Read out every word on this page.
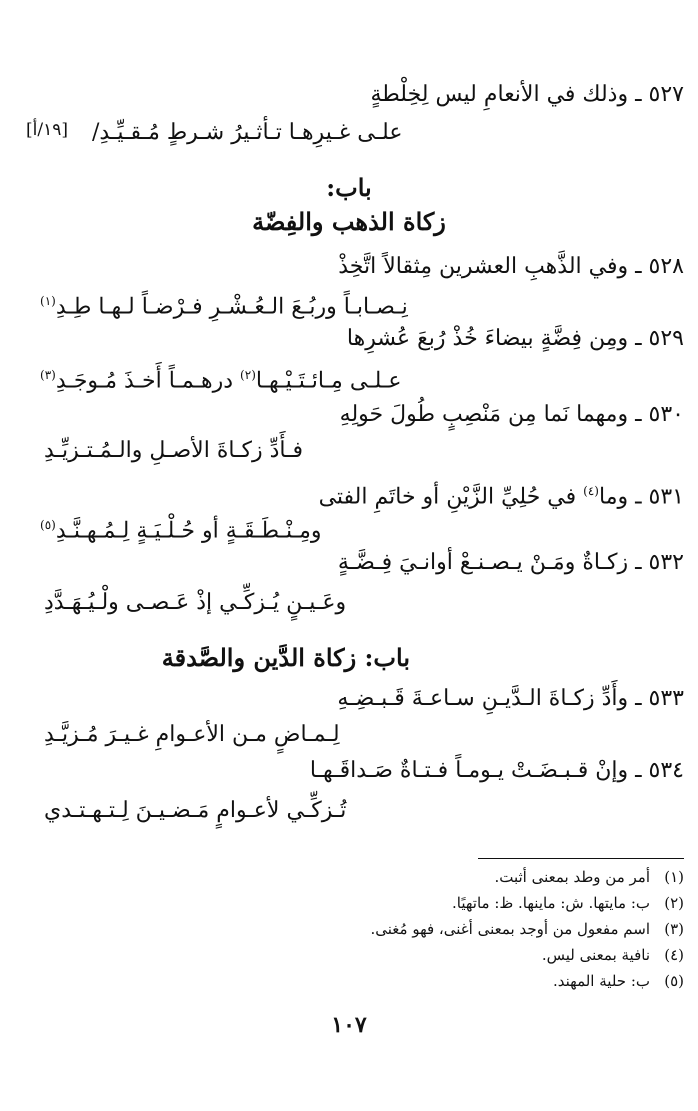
٥٢٧ ـ وذلك في الأنعامِ ليس لِخِلْطةٍ
علـى غـيرِهـا تـأثـيرُ شـرطٍ مُـقـيِّـدِ/
[١٩/أ]
باب:
زكاة الذهب والفِضّة
٥٢٨ ـ وفي الذَّهبِ العشرين مِثقالاً اتَّخِذْ
نِـصـابـاً وربُـعَ الـعُـشْـرِ فـرْضـاً لـهـا طِـدِ$^{(١)}$
٥٢٩ ـ ومِن فِضَّةٍ بيضاءَ خُذْ رُبعَ عُشرِها
عـلـى مِـائـتَـيْـهـا$^{(٢)}$ درهـمـاً أَخـذَ مُـوجَـدِ$^{(٣)}$
٥٣٠ ـ ومهما نَما مِن مَنْصِبٍ طُولَ حَولِهِ
فـأَدِّ زكـاةَ الأصـلِ والـمُـتـزيِّـدِ
٥٣١ ـ وما$^{(٤)}$ في حُلِيِّ الزَّيْنِ أو خاتَمِ الفتى
ومِـنْـطَـقَـةٍ أو حُـلْـيَـةٍ لِـمُـهـنَّـدِ$^{(٥)}$
٥٣٢ ـ زكـاةٌ ومَـنْ يـصـنـعْ أوانـيَ فِـضَّـةٍ
وعَـيـنٍ يُـزكِّـي إذْ عَـصـى ولْـيُـهَـدَّدِ
باب: زكاة الدَّين والصَّدقة
٥٣٣ ـ وأَدِّ زكـاةَ الـدَّيـنِ سـاعـةَ قَـبـضِـهِ
لِـمـاضٍ مـن الأعـوامِ غـيـرَ مُـزيَّـدِ
٥٣٤ ـ وإنْ قـبـضَـتْ يـومـاً فـتـاةٌ صَـداقَـهـا
تُـزكِّـي لأعـوامٍ مَـضـيـنَ لِـتـهـتـدي
(١)أمر من وطد بمعنى أثبت.
(٢)ب: مايتها. ش: ماينها. ظ: ماتهيًا.
(٣)اسم مفعول من أوجد بمعنى أغنى، فهو مُغنى.
(٤)نافية بمعنى ليس.
(٥)ب: حلية المهند.
١٠٧
